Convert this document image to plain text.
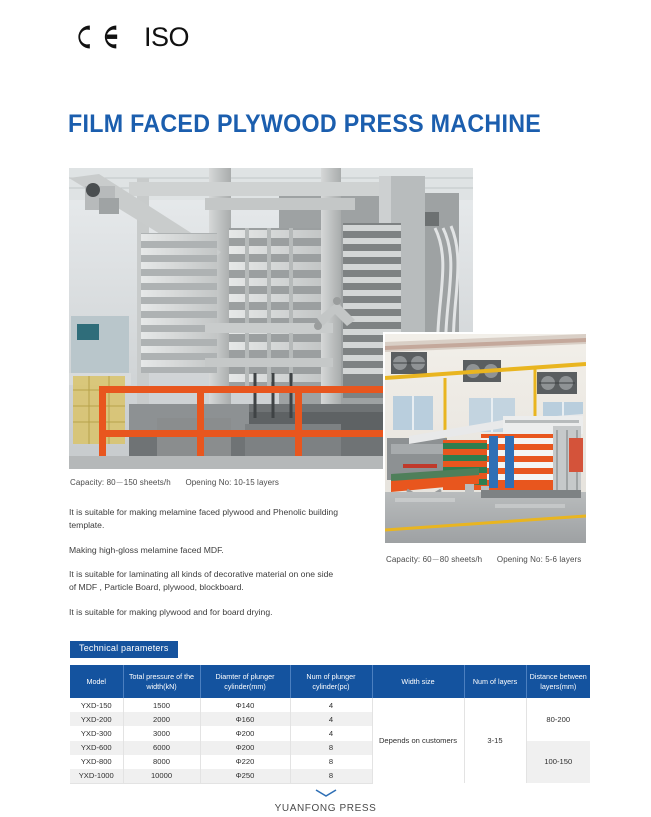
ISO
FILM FACED PLYWOOD PRESS MACHINE
Capacity: 80－150 sheets/h Opening No: 10-15 layers
Capacity: 60－80 sheets/h Opening No: 5-6 layers

It is suitable for making melamine faced plywood and Phenolic building template.

Making high-gloss melamine faced MDF.

It is suitable for laminating all kinds of decorative material on one side of MDF , Particle Board, plywood, blockboard.

It is suitable for making plywood and for board drying.

Technical parameters
Model	Total pressure of the width(kN)	Diamter of plunger cylinder(mm)	Num of plunger cylinder(pc)	Width size	Num of layers	Distance between layers(mm)
YXD-150	1500	Φ140	4	Depends on customers	3-15	80-200
YXD-200	2000	Φ160	4			
YXD-300	3000	Φ200	4			
YXD-600	6000	Φ200	8			100-150
YXD-800	8000	Φ220	8			
YXD-1000	10000	Φ250	8			
YUANFONG PRESS
